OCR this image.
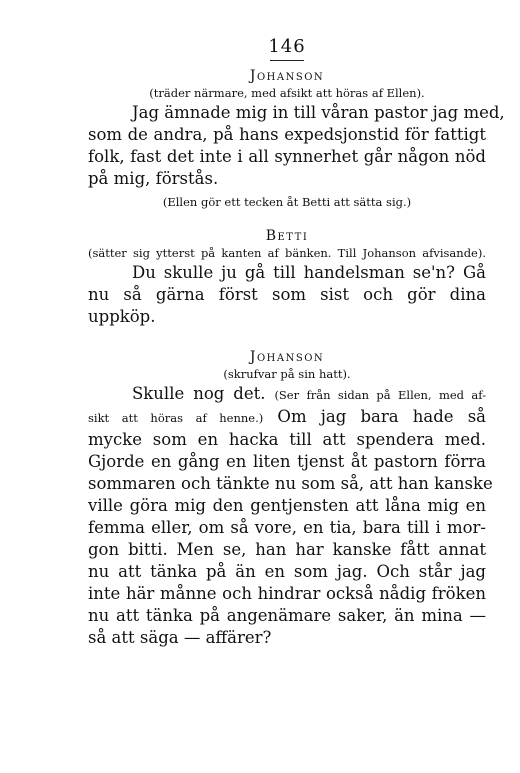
146

Johanson

(träder närmare, med afsikt att höras af Ellen).

Jag ämnade mig in till våran pastor jag med,

som de andra, på hans expedsjonstid för fattigt

folk, fast det inte i all synnerhet går någon nöd

på mig, förstås.

(Ellen gör ett tecken åt Betti att sätta sig.)

Betti

(sätter sig ytterst på kanten af bänken. Till Johanson afvisande).

Du skulle ju gå till handelsman se'n? Gå

nu så gärna först som sist och gör dina

uppköp.

Johanson

(skrufvar på sin hatt).

Skulle nog det. (Ser från sidan på Ellen, med af-

sikt att höras af henne.) Om jag bara hade så

mycke som en hacka till att spendera med.

Gjorde en gång en liten tjenst åt pastorn förra

sommaren och tänkte nu som så, att han kanske

ville göra mig den gentjensten att låna mig en

femma eller, om så vore, en tia, bara till i mor-

gon bitti. Men se, han har kanske fått annat

nu att tänka på än en som jag. Och står jag

inte här månne och hindrar också nådig fröken

nu att tänka på angenämare saker, än mina —

så att säga — affärer?
